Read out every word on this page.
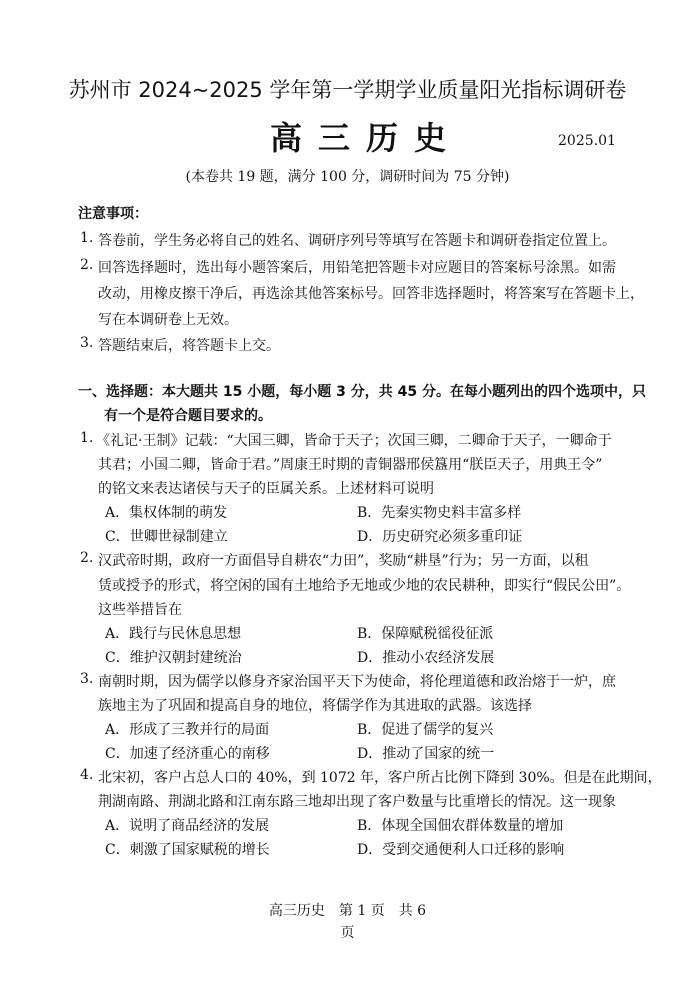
苏州市 2024~2025 学年第一学期学业质量阳光指标调研卷
高三历史	2025.01
(本卷共 19 题，满分 100 分，调研时间为 75 分钟)
注意事项：
1. 答卷前，学生务必将自己的姓名、调研序列号等填写在答题卡和调研卷指定位置上。
2. 回答选择题时，选出每小题答案后，用铅笔把答题卡对应题目的答案标号涂黑。如需
改动，用橡皮擦干净后，再选涂其他答案标号。回答非选择题时，将答案写在答题卡上，
写在本调研卷上无效。
3. 答题结束后，将答题卡上交。
一、选择题：本大题共 15 小题，每小题 3 分，共 45 分。在每小题列出的四个选项中，只
有一个是符合题目要求的。
1. 《礼记·王制》记载：“大国三卿，皆命于天子；次国三卿，二卿命于天子，一卿命于
其君；小国二卿，皆命于君。”周康王时期的青铜器邢侯簋用“朕臣天子，用典王令”
的铭文来表达诸侯与天子的臣属关系。上述材料可说明
A．集权体制的萌发	B．先秦实物史料丰富多样
C．世卿世禄制建立	D．历史研究必须多重印证
2. 汉武帝时期，政府一方面倡导自耕农“力田”，奖励“耕垦”行为；另一方面，以租
赁或授予的形式，将空闲的国有土地给予无地或少地的农民耕种，即实行“假民公田”。
这些举措旨在
A．践行与民休息思想	B．保障赋税徭役征派
C．维护汉朝封建统治	D．推动小农经济发展
3. 南朝时期，因为儒学以修身齐家治国平天下为使命，将伦理道德和政治熔于一炉，庶
族地主为了巩固和提高自身的地位，将儒学作为其进取的武器。该选择
A．形成了三教并行的局面	B．促进了儒学的复兴
C．加速了经济重心的南移	D．推动了国家的统一
4. 北宋初，客户占总人口的 40%，到 1072 年，客户所占比例下降到 30%。但是在此期间，
荆湖南路、荆湖北路和江南东路三地却出现了客户数量与比重增长的情况。这一现象
A．说明了商品经济的发展	B．体现全国佃农群体数量的增加
C．刺激了国家赋税的增长	D．受到交通便利人口迁移的影响
高三历史　第 1 页　共 6
页
